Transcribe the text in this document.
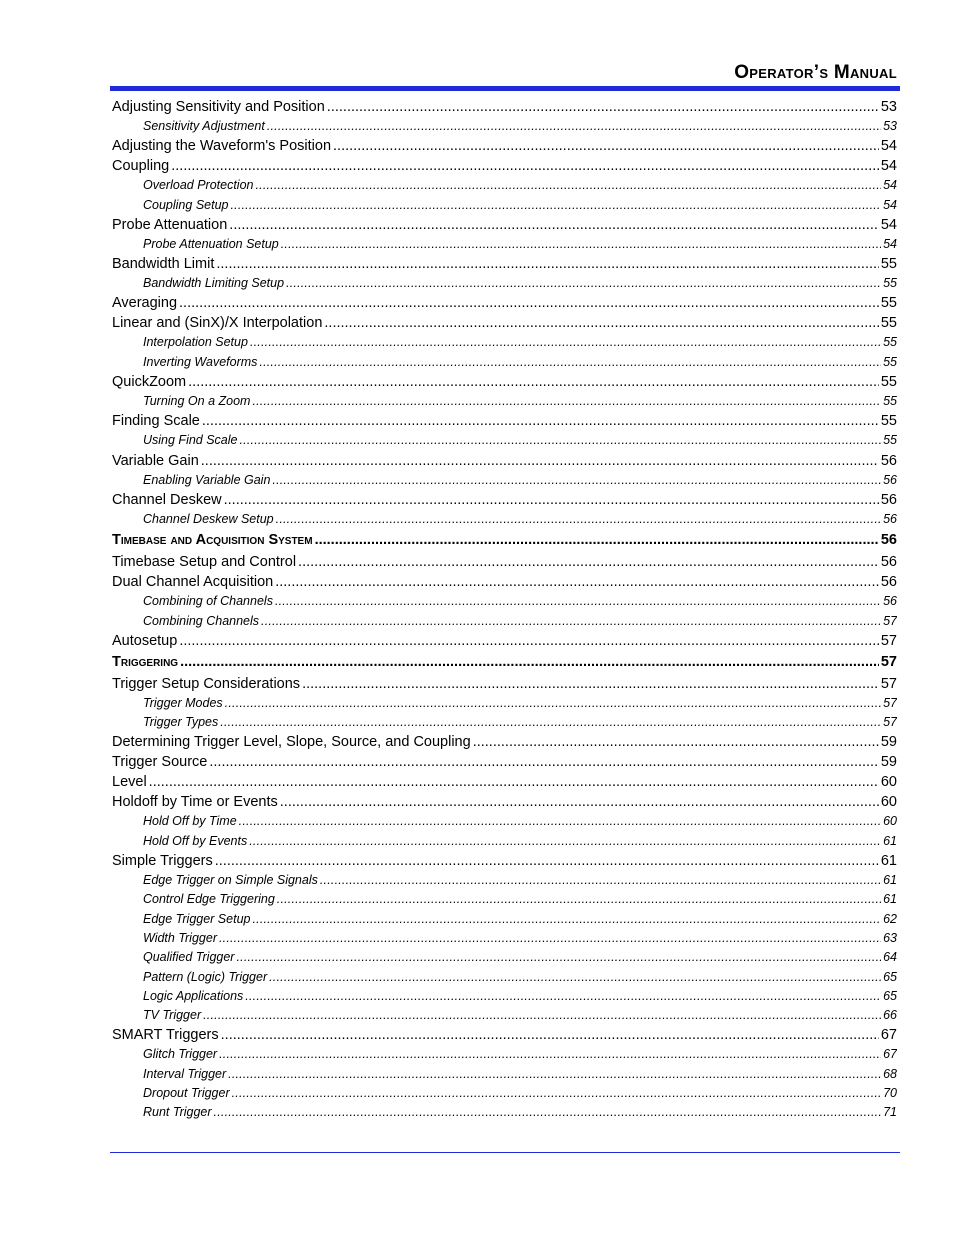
Operator’s Manual
Adjusting Sensitivity and Position .....	53
Sensitivity Adjustment .....	53
Adjusting the Waveform's Position .....	54
Coupling .....	54
Overload Protection .....	54
Coupling Setup .....	54
Probe Attenuation .....	54
Probe Attenuation Setup .....	54
Bandwidth Limit .....	55
Bandwidth Limiting Setup .....	55
Averaging .....	55
Linear and (SinX)/X Interpolation .....	55
Interpolation Setup .....	55
Inverting Waveforms .....	55
QuickZoom .....	55
Turning On a Zoom .....	55
Finding Scale .....	55
Using Find Scale .....	55
Variable Gain .....	56
Enabling Variable Gain .....	56
Channel Deskew .....	56
Channel Deskew Setup .....	56
Timebase and Acquisition System .....	56
Timebase Setup and Control .....	56
Dual Channel Acquisition .....	56
Combining of Channels .....	56
Combining Channels .....	57
Autosetup .....	57
Triggering .....	57
Trigger Setup Considerations .....	57
Trigger Modes .....	57
Trigger Types .....	57
Determining Trigger Level, Slope, Source, and Coupling .....	59
Trigger Source .....	59
Level .....	60
Holdoff by Time or Events .....	60
Hold Off by Time .....	60
Hold Off by Events .....	61
Simple Triggers .....	61
Edge Trigger on Simple Signals .....	61
Control Edge Triggering .....	61
Edge Trigger Setup .....	62
Width Trigger .....	63
Qualified Trigger .....	64
Pattern (Logic) Trigger .....	65
Logic Applications .....	65
TV Trigger .....	66
SMART Triggers .....	67
Glitch Trigger .....	67
Interval Trigger .....	68
Dropout Trigger .....	70
Runt Trigger .....	71
